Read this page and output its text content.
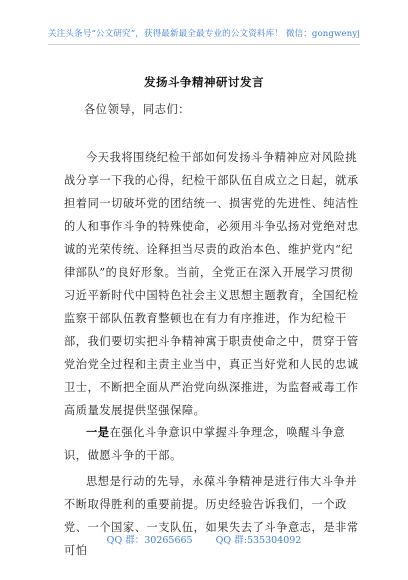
关注头条号“公文研究”，获得最新最全最专业的公文资料库！ 微信：gongwenyj
发扬斗争精神研讨发言
各位领导，同志们：
今天我将围绕纪检干部如何发扬斗争精神应对风险挑战分享一下我的心得，纪检干部队伍自成立之日起，就承担着同一切破坏党的团结统一、损害党的先进性、纯洁性的人和事作斗争的特殊使命，必须用斗争弘扬对党绝对忠诚的光荣传统、诠释担当尽责的政治本色、维护党内“纪律部队”的良好形象。当前，全党正在深入开展学习贯彻习近平新时代中国特色社会主义思想主题教育，全国纪检监察干部队伍教育整顿也在有力有序推进，作为纪检干部，我们要切实把斗争精神寓于职责使命之中，贯穿于管党治党全过程和主责主业当中，真正当好党和人民的忠诚卫士，不断把全面从严治党向纵深推进，为监督戒毒工作高质量发展提供坚强保障。
一是在强化斗争意识中掌握斗争理念，唤醒斗争意识，做愿斗争的干部。
思想是行动的先导，永葆斗争精神是进行伟大斗争并不断取得胜利的重要前提。历史经验告诉我们，一个政党、一个国家、一支队伍，如果失去了斗争意志，是非常可怕
QQ 群：30265665 QQ 群:535304092
